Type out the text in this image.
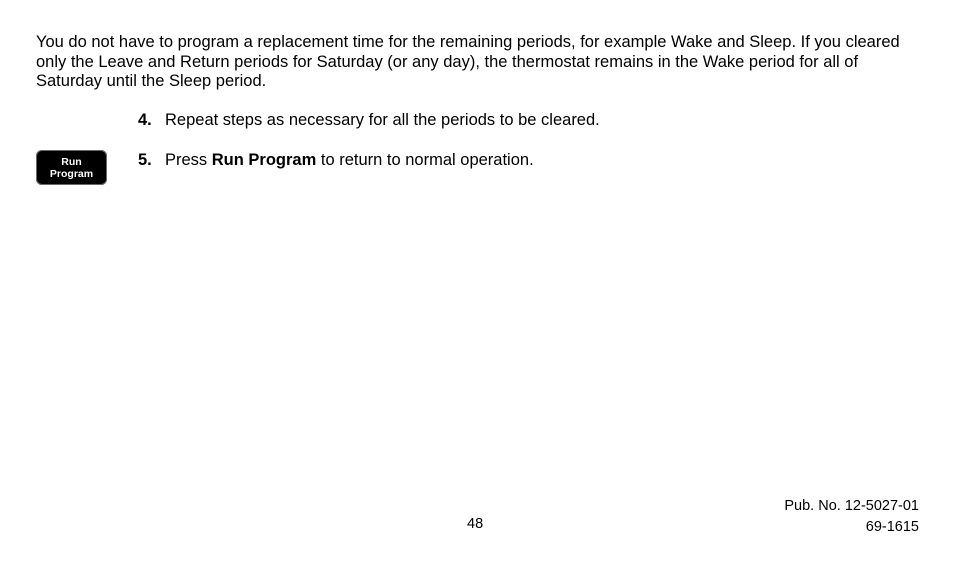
You do not have to program a replacement time for the remaining periods, for example Wake and Sleep. If you cleared only the Leave and Return periods for Saturday (or any day), the thermostat remains in the Wake period for all of Saturday until the Sleep period.

4. Repeat steps as necessary for all the periods to be cleared.
Run
Program
5. Press Run Program to return to normal operation.
48
Pub. No. 12-5027-01
69-1615
